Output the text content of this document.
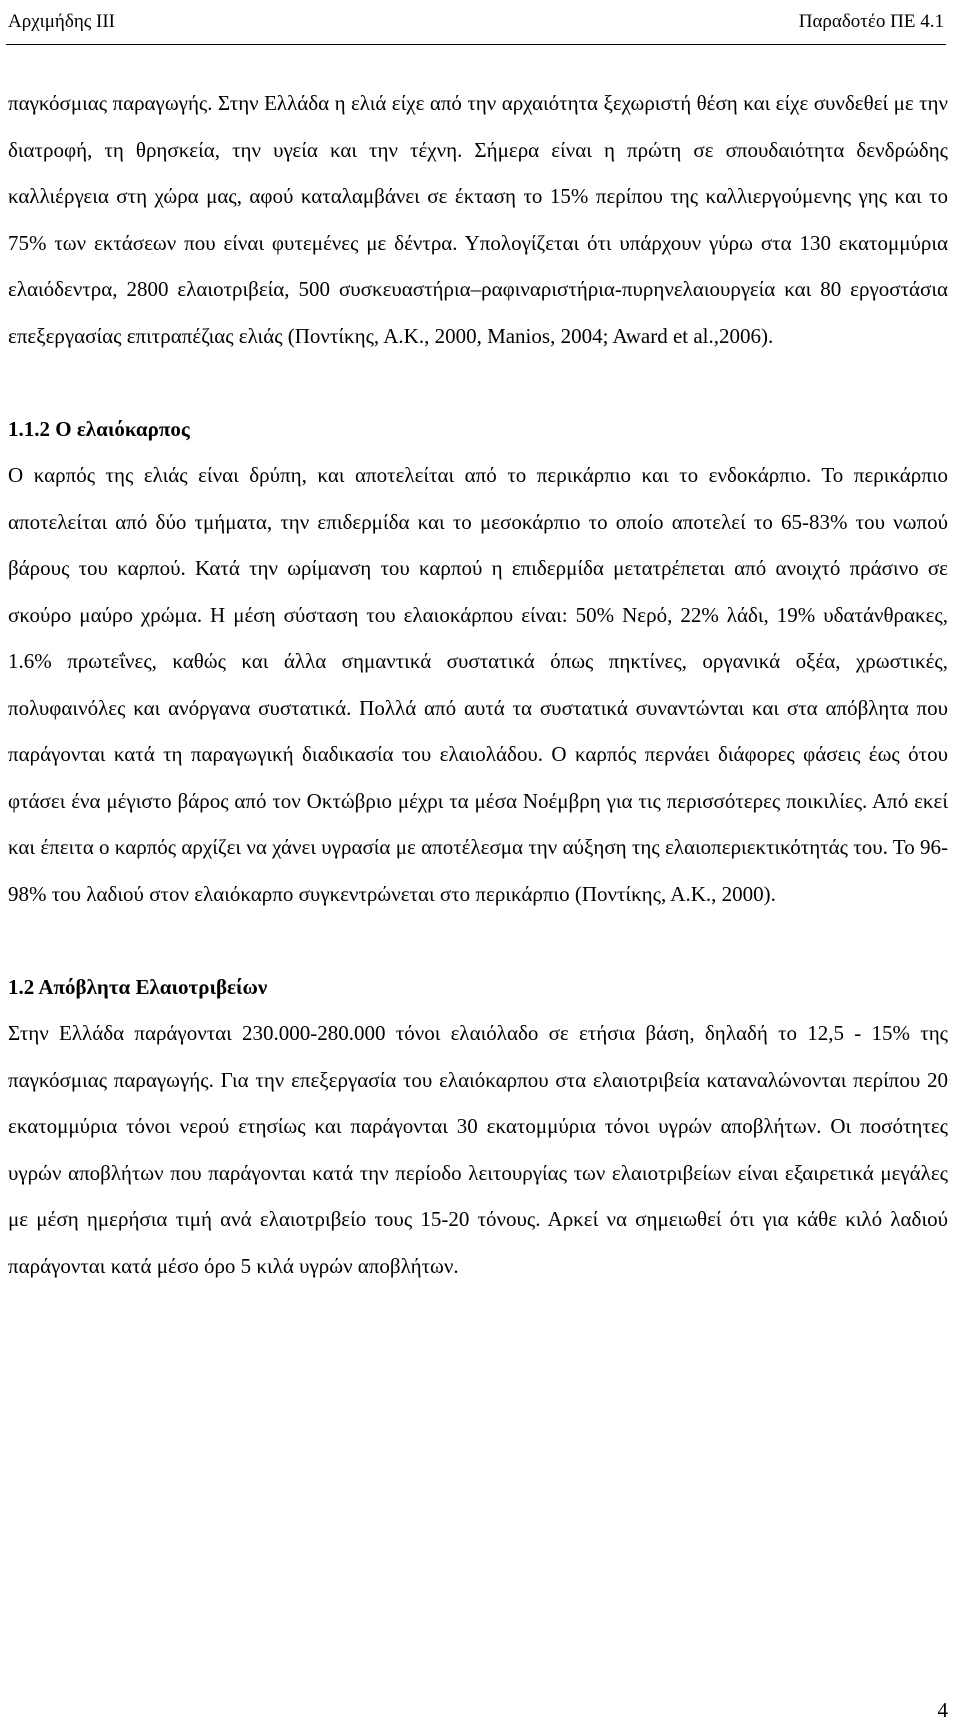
Αρχιμήδης ΙΙΙ	Παραδοτέο ΠΕ 4.1

παγκόσμιας παραγωγής. Στην Ελλάδα η ελιά είχε από την αρχαιότητα ξεχωριστή θέση και είχε συνδεθεί με την διατροφή, τη θρησκεία, την υγεία και την τέχνη. Σήμερα είναι η πρώτη σε σπουδαιότητα δενδρώδης καλλιέργεια στη χώρα μας, αφού καταλαμβάνει σε έκταση το 15% περίπου της καλλιεργούμενης γης και το 75% των εκτάσεων που είναι φυτεμένες με δέντρα. Υπολογίζεται ότι υπάρχουν γύρω στα 130 εκατομμύρια ελαιόδεντρα, 2800 ελαιοτριβεία, 500 συσκευαστήρια–ραφιναριστήρια-πυρηνελαιουργεία και 80 εργοστάσια επεξεργασίας επιτραπέζιας ελιάς (Ποντίκης, Α.Κ., 2000, Manios, 2004; Award et al.,2006).

1.1.2 Ο ελαιόκαρπος

Ο καρπός της ελιάς είναι δρύπη, και αποτελείται από το περικάρπιο και το ενδοκάρπιο. Το περικάρπιο αποτελείται από δύο τμήματα, την επιδερμίδα και το μεσοκάρπιο το οποίο αποτελεί το 65-83% του νωπού βάρους του καρπού. Κατά την ωρίμανση του καρπού η επιδερμίδα μετατρέπεται από ανοιχτό πράσινο σε σκούρο μαύρο χρώμα. Η μέση σύσταση του ελαιοκάρπου είναι: 50% Νερό, 22% λάδι, 19% υδατάνθρακες, 1.6% πρωτεΐνες, καθώς και άλλα σημαντικά συστατικά όπως πηκτίνες, οργανικά οξέα, χρωστικές, πολυφαινόλες και ανόργανα συστατικά. Πολλά από αυτά τα συστατικά συναντώνται και στα απόβλητα που παράγονται κατά τη παραγωγική διαδικασία του ελαιολάδου. Ο καρπός περνάει διάφορες φάσεις έως ότου φτάσει ένα μέγιστο βάρος από τον Οκτώβριο μέχρι τα μέσα Νοέμβρη για τις περισσότερες ποικιλίες. Από εκεί και έπειτα ο καρπός αρχίζει να χάνει υγρασία με αποτέλεσμα την αύξηση της ελαιοπεριεκτικότητάς του. Το 96-98% του λαδιού στον ελαιόκαρπο συγκεντρώνεται στο περικάρπιο (Ποντίκης, Α.Κ., 2000).

1.2 Απόβλητα Ελαιοτριβείων

Στην Ελλάδα παράγονται 230.000-280.000 τόνοι ελαιόλαδο σε ετήσια βάση, δηλαδή το 12,5 - 15% της παγκόσμιας παραγωγής. Για την επεξεργασία του ελαιόκαρπου στα ελαιοτριβεία καταναλώνονται περίπου 20 εκατομμύρια τόνοι νερού ετησίως και παράγονται 30 εκατομμύρια τόνοι υγρών αποβλήτων. Οι ποσότητες υγρών αποβλήτων που παράγονται κατά την περίοδο λειτουργίας των ελαιοτριβείων είναι εξαιρετικά μεγάλες με μέση ημερήσια τιμή ανά ελαιοτριβείο τους 15-20 τόνους. Αρκεί να σημειωθεί ότι για κάθε κιλό λαδιού παράγονται κατά μέσο όρο 5 κιλά υγρών αποβλήτων.

4
